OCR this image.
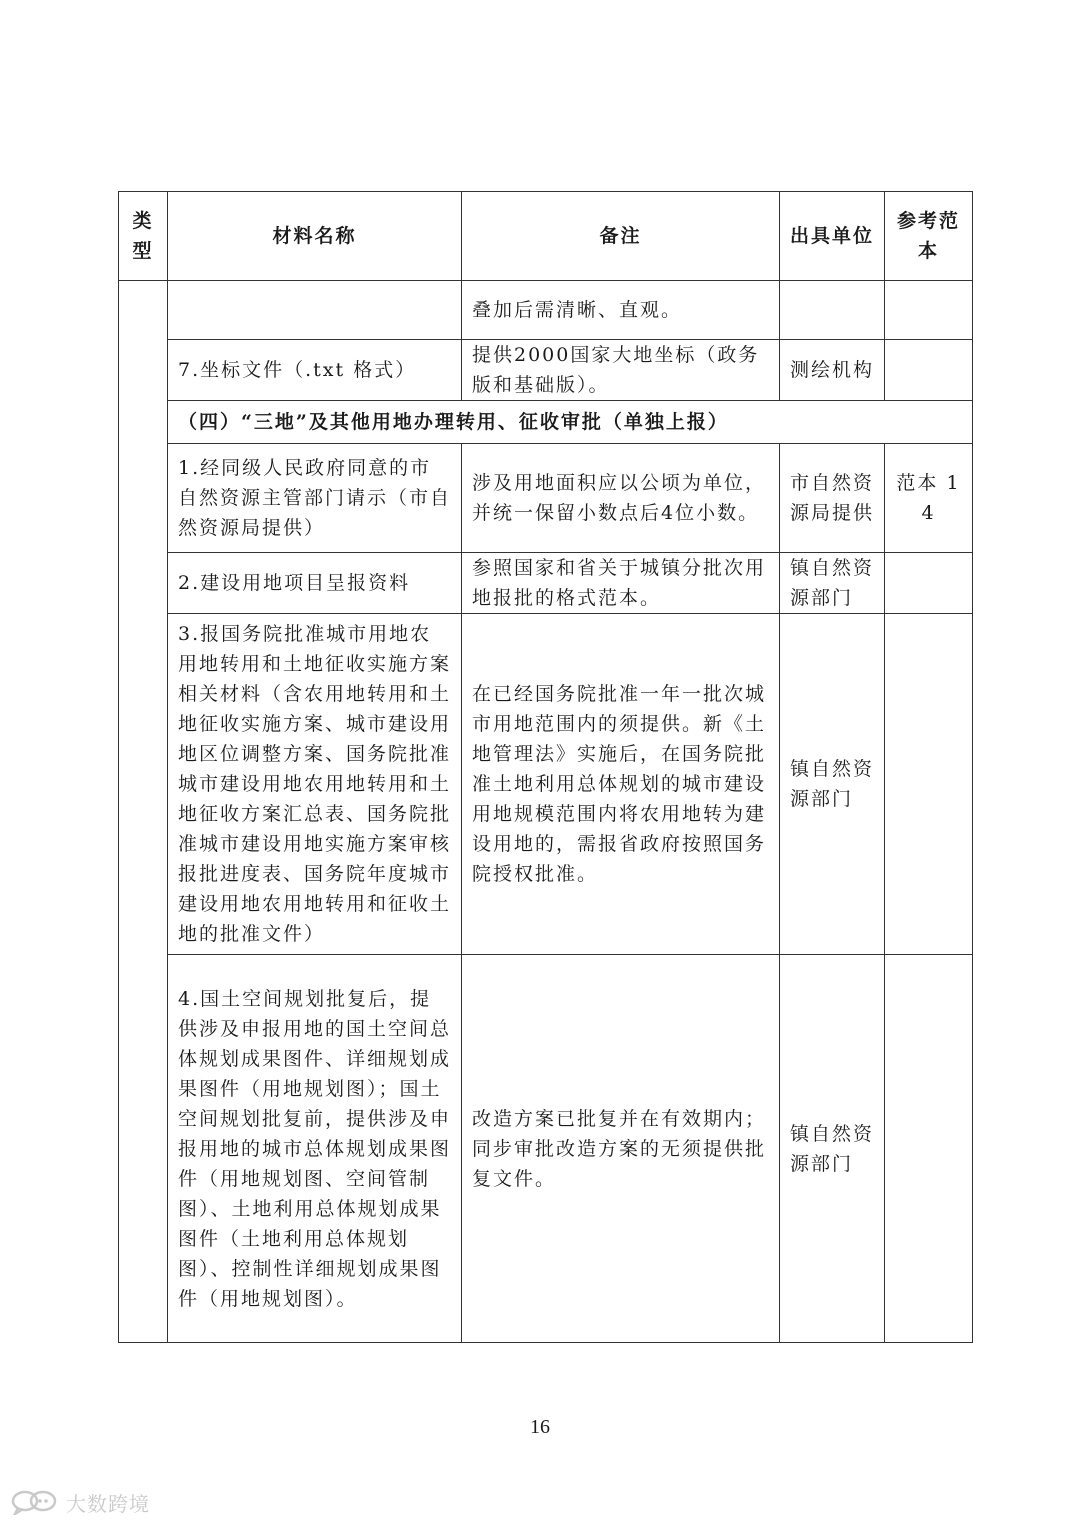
类型	材料名称	备注	出具单位	参考范本
		叠加后需清晰、直观。		
	7.坐标文件（.txt 格式）	提供2000国家大地坐标（政务版和基础版）。	测绘机构	
	（四）“三地”及其他用地办理转用、征收审批（单独上报）			
	1.经同级人民政府同意的市自然资源主管部门请示（市自然资源局提供）	涉及用地面积应以公顷为单位，并统一保留小数点后4位小数。	市自然资源局提供	范本 14
	2.建设用地项目呈报资料	参照国家和省关于城镇分批次用地报批的格式范本。	镇自然资源部门	
	3.报国务院批准城市用地农用地转用和土地征收实施方案相关材料（含农用地转用和土地征收实施方案、城市建设用地区位调整方案、国务院批准城市建设用地农用地转用和土地征收方案汇总表、国务院批准城市建设用地实施方案审核报批进度表、国务院年度城市建设用地农用地转用和征收土地的批准文件）	在已经国务院批准一年一批次城市用地范围内的须提供。新《土地管理法》实施后，在国务院批准土地利用总体规划的城市建设用地规模范围内将农用地转为建设用地的，需报省政府按照国务院授权批准。	镇自然资源部门	
	4.国土空间规划批复后，提供涉及申报用地的国土空间总体规划成果图件、详细规划成果图件（用地规划图）；国土空间规划批复前，提供涉及申报用地的城市总体规划成果图件（用地规划图、空间管制图）、土地利用总体规划成果图件（土地利用总体规划图）、控制性详细规划成果图件（用地规划图）。	改造方案已批复并在有效期内；同步审批改造方案的无须提供批复文件。	镇自然资源部门	
16
大数跨境
